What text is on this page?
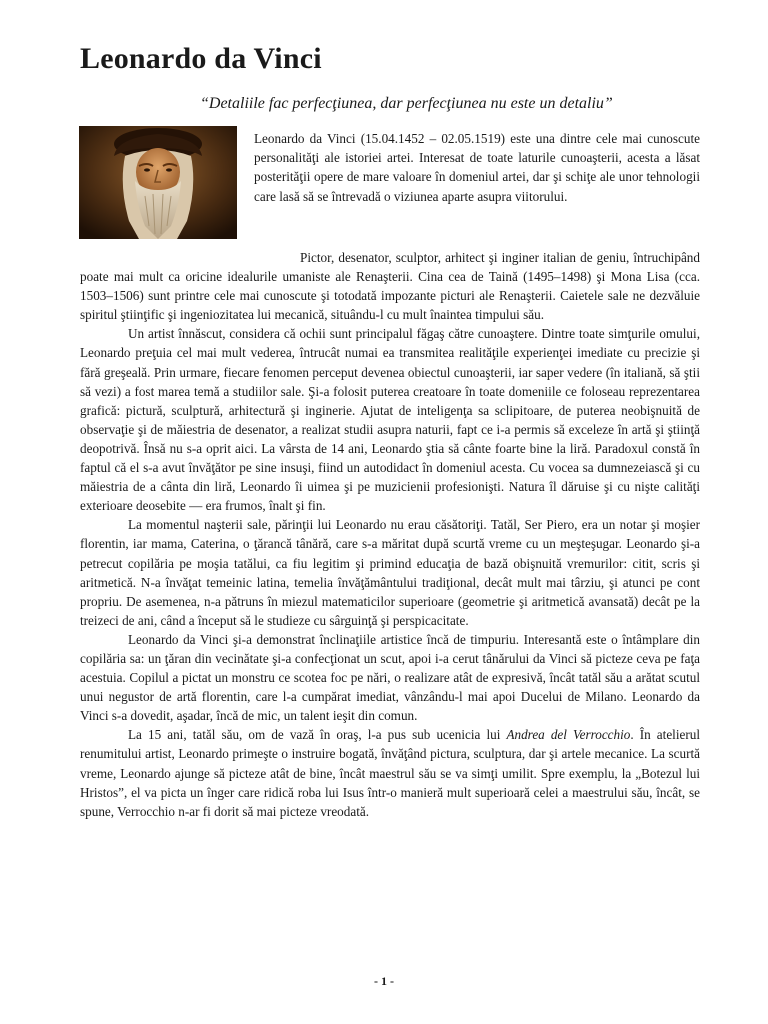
Leonardo da Vinci
“Detaliile fac perfecţiunea, dar perfecţiunea nu este un detaliu”

Leonardo da Vinci (15.04.1452 – 02.05.1519) este una dintre cele mai cunoscute personalităţi ale istoriei artei. Interesat de toate laturile cunoaşterii, acesta a lăsat posterităţii opere de mare valoare în domeniul artei, dar şi schiţe ale unor tehnologii care lasă să se întrevadă o viziunea aparte asupra viitorului.

Pictor, desenator, sculptor, arhitect şi inginer italian de geniu, întruchipând poate mai mult ca oricine idealurile umaniste ale Renaşterii. Cina cea de Taină (1495–1498) şi Mona Lisa (cca. 1503–1506) sunt printre cele mai cunoscute şi totodată impozante picturi ale Renaşterii. Caietele sale ne dezvăluie spiritul ştiinţific şi ingeniozitatea lui mecanică, situându-l cu mult înaintea timpului său.

Un artist înnăscut, considera că ochii sunt principalul făgaş către cunoaştere. Dintre toate simţurile omului, Leonardo preţuia cel mai mult vederea, întrucât numai ea transmitea realităţile experienţei imediate cu precizie şi fără greşeală. Prin urmare, fiecare fenomen perceput devenea obiectul cunoaşterii, iar saper vedere (în italiană, să ştii să vezi) a fost marea temă a studiilor sale. Şi-a folosit puterea creatoare în toate domeniile ce foloseau reprezentarea grafică: pictură, sculptură, arhitectură şi inginerie. Ajutat de inteligenţa sa sclipitoare, de puterea neobişnuită de observaţie şi de măiestria de desenator, a realizat studii asupra naturii, fapt ce i-a permis să exceleze în artă şi ştiinţă deopotrivă. Însă nu s-a oprit aici. La vârsta de 14 ani, Leonardo ştia să cânte foarte bine la liră. Paradoxul constă în faptul că el s-a avut învăţător pe sine insuşi, fiind un autodidact în domeniul acesta. Cu vocea sa dumnezeiască şi cu măiestria de a cânta din liră, Leonardo îi uimea şi pe muzicienii profesionişti. Natura îl dăruise şi cu nişte calităţi exterioare deosebite — era frumos, înalt şi fin.

La momentul naşterii sale, părinţii lui Leonardo nu erau căsătoriţi. Tatăl, Ser Piero, era un notar şi moşier florentin, iar mama, Caterina, o ţărancă tânără, care s-a măritat după scurtă vreme cu un meşteşugar. Leonardo şi-a petrecut copilăria pe moşia tatălui, ca fiu legitim şi primind educaţia de bază obişnuită vremurilor: citit, scris şi aritmetică. N-a învăţat temeinic latina, temelia învăţământului tradiţional, decât mult mai târziu, şi atunci pe cont propriu. De asemenea, n-a pătruns în miezul matematicilor superioare (geometrie şi aritmetică avansată) decât pe la treizeci de ani, când a început să le studieze cu sârguinţă şi perspicacitate.

Leonardo da Vinci şi-a demonstrat înclinaţiile artistice încă de timpuriu. Interesantă este o întâmplare din copilăria sa: un ţăran din vecinătate şi-a confecţionat un scut, apoi i-a cerut tânărului da Vinci să picteze ceva pe faţa acestuia. Copilul a pictat un monstru ce scotea foc pe nări, o realizare atât de expresivă, încât tatăl său a arătat scutul unui negustor de artă florentin, care l-a cumpărat imediat, vânzându-l mai apoi Ducelui de Milano. Leonardo da Vinci s-a dovedit, aşadar, încă de mic, un talent ieşit din comun.

La 15 ani, tatăl său, om de vază în oraş, l-a pus sub ucenicia lui Andrea del Verrocchio. În atelierul renumitului artist, Leonardo primeşte o instruire bogată, învăţând pictura, sculptura, dar şi artele mecanice. La scurtă vreme, Leonardo ajunge să picteze atât de bine, încât maestrul său se va simţi umilit. Spre exemplu, la „Botezul lui Hristos”, el va picta un înger care ridică roba lui Isus într-o manieră mult superioară celei a maestrului său, încât, se spune, Verrocchio n-ar fi dorit să mai picteze vreodată.

- 1 -
